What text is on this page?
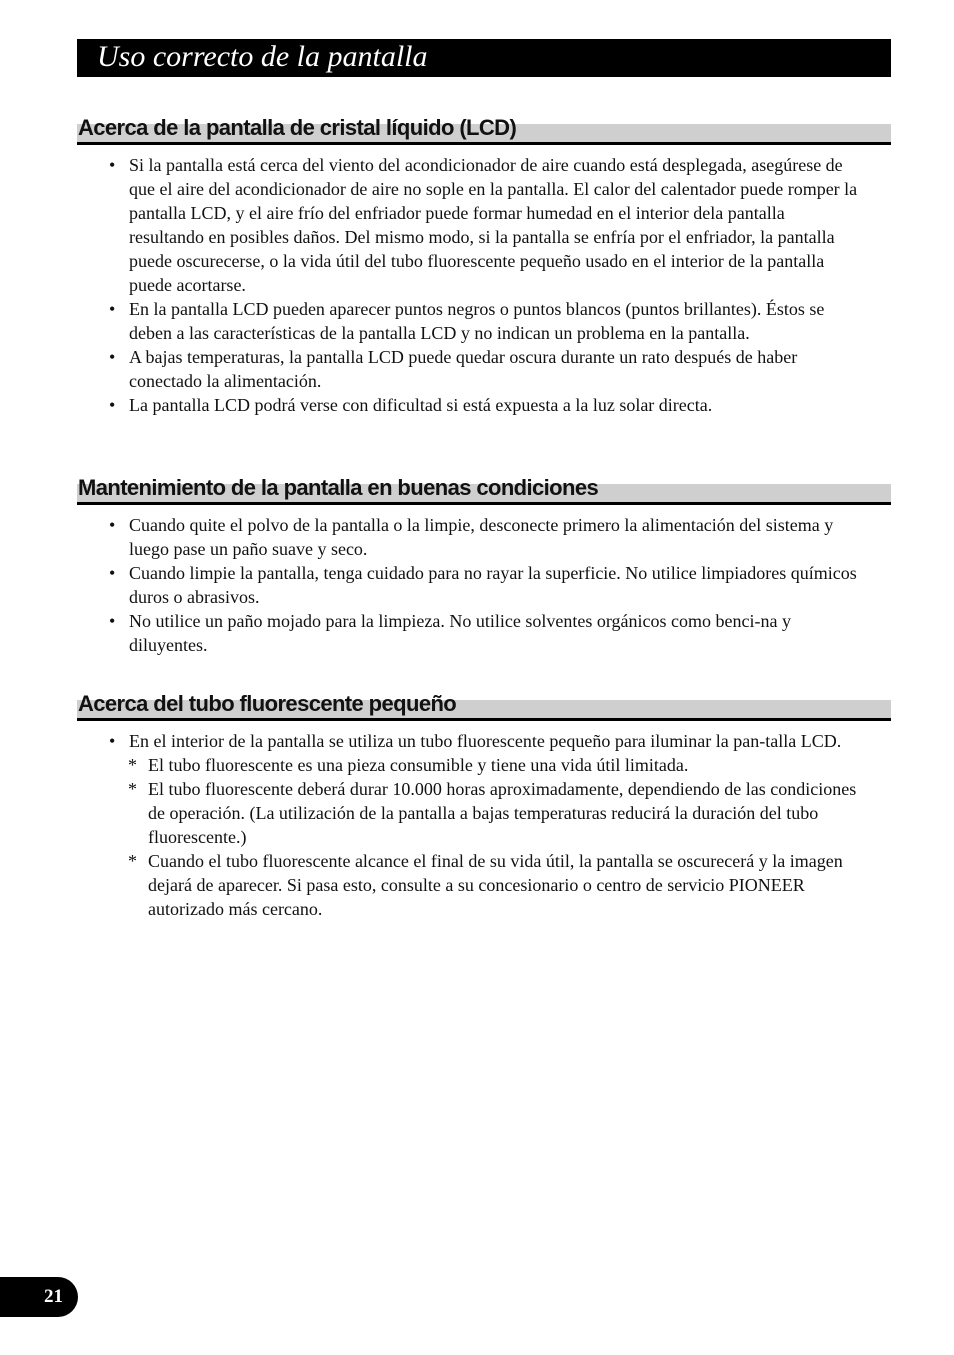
Uso correcto de la pantalla
Acerca de la pantalla de cristal líquido (LCD)
• Si la pantalla está cerca del viento del acondicionador de aire cuando está desplegada, asegúrese de que el aire del acondicionador de aire no sople en la pantalla. El calor del calentador puede romper la pantalla LCD, y el aire frío del enfriador puede formar humedad en el interior dela pantalla resultando en posibles daños. Del mismo modo, si la pantalla se enfría por el enfriador, la pantalla puede oscurecerse, o la vida útil del tubo fluorescente pequeño usado en el interior de la pantalla puede acortarse.
• En la pantalla LCD pueden aparecer puntos negros o puntos blancos (puntos brillantes). Éstos se deben a las características de la pantalla LCD y no indican un problema en la pantalla.
• A bajas temperaturas, la pantalla LCD puede quedar oscura durante un rato después de haber conectado la alimentación.
• La pantalla LCD podrá verse con dificultad si está expuesta a la luz solar directa.
Mantenimiento de la pantalla en buenas condiciones
• Cuando quite el polvo de la pantalla o la limpie, desconecte primero la alimentación del sistema y luego pase un paño suave y seco.
• Cuando limpie la pantalla, tenga cuidado para no rayar la superficie. No utilice limpiadores químicos duros o abrasivos.
• No utilice un paño mojado para la limpieza. No utilice solventes orgánicos como benci-na y diluyentes.
Acerca del tubo fluorescente pequeño
• En el interior de la pantalla se utiliza un tubo fluorescente pequeño para iluminar la pan-talla LCD.
* El tubo fluorescente es una pieza consumible y tiene una vida útil limitada.
* El tubo fluorescente deberá durar 10.000 horas aproximadamente, dependiendo de las condiciones de operación. (La utilización de la pantalla a bajas temperaturas reducirá la duración del tubo fluorescente.)
* Cuando el tubo fluorescente alcance el final de su vida útil, la pantalla se oscurecerá y la imagen dejará de aparecer. Si pasa esto, consulte a su concesionario o centro de servicio PIONEER autorizado más cercano.
21
